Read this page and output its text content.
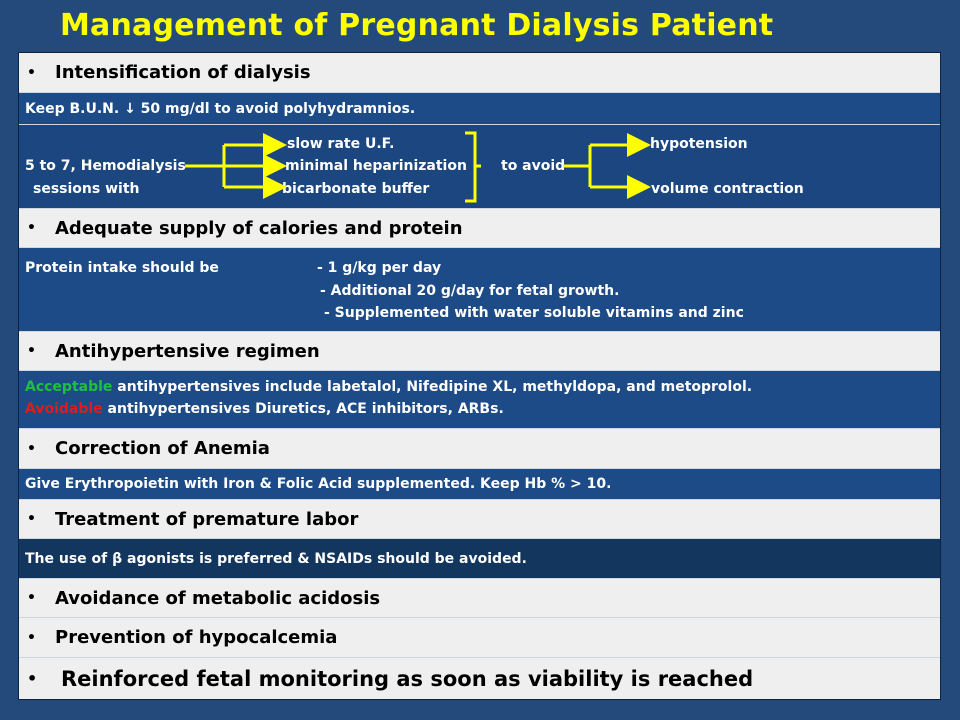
Management of Pregnant Dialysis Patient
• Intensification of dialysis
Keep B.U.N. ↓ 50 mg/dl to avoid polyhydramnios.
5 to 7, Hemodialysis
sessions with
slow rate U.F.
minimal heparinization
bicarbonate buffer
to avoid
hypotension
volume contraction
• Adequate supply of calories and protein
Protein intake should be	- 1 g/kg per day
- Additional 20 g/day for fetal growth.
- Supplemented with water soluble vitamins and zinc
• Antihypertensive regimen
Acceptable antihypertensives include labetalol, Nifedipine XL, methyldopa, and metoprolol.
Avoidable antihypertensives Diuretics, ACE inhibitors, ARBs.
• Correction of Anemia
Give Erythropoietin with Iron & Folic Acid supplemented. Keep Hb % > 10.
• Treatment of premature labor
The use of β agonists is preferred & NSAIDs should be avoided.
• Avoidance of metabolic acidosis
• Prevention of hypocalcemia
• Reinforced fetal monitoring as soon as viability is reached
